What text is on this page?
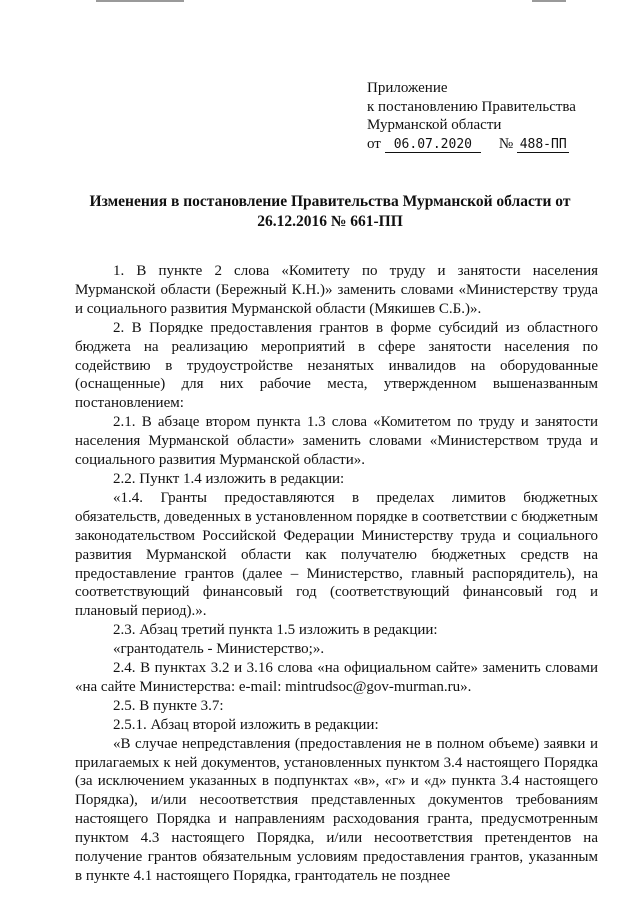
Приложение
к постановлению Правительства
Мурманской области
от 06.07.2020 № 488-ПП
Изменения в постановление Правительства Мурманской области от 26.12.2016 № 661-ПП

1. В пункте 2 слова «Комитету по труду и занятости населения Мурманской области (Бережный К.Н.)» заменить словами «Министерству труда и социального развития Мурманской области (Мякишев С.Б.)».

2. В Порядке предоставления грантов в форме субсидий из областного бюджета на реализацию мероприятий в сфере занятости населения по содействию в трудоустройстве незанятых инвалидов на оборудованные (оснащенные) для них рабочие места, утвержденном вышеназванным постановлением:

2.1. В абзаце втором пункта 1.3 слова «Комитетом по труду и занятости населения Мурманской области» заменить словами «Министерством труда и социального развития Мурманской области».

2.2. Пункт 1.4 изложить в редакции:

«1.4. Гранты предоставляются в пределах лимитов бюджетных обязательств, доведенных в установленном порядке в соответствии с бюджетным законодательством Российской Федерации Министерству труда и социального развития Мурманской области как получателю бюджетных средств на предоставление грантов (далее – Министерство, главный распорядитель), на соответствующий финансовый год (соответствующий финансовый год и плановый период).».

2.3. Абзац третий пункта 1.5 изложить в редакции:

«грантодатель - Министерство;».

2.4. В пунктах 3.2 и 3.16 слова «на официальном сайте» заменить словами «на сайте Министерства: e-mail: mintrudsoc@gov-murman.ru».

2.5. В пункте 3.7:

2.5.1. Абзац второй изложить в редакции:

«В случае непредставления (предоставления не в полном объеме) заявки и прилагаемых к ней документов, установленных пунктом 3.4 настоящего Порядка (за исключением указанных в подпунктах «в», «г» и «д» пункта 3.4 настоящего Порядка), и/или несоответствия представленных документов требованиям настоящего Порядка и направлениям расходования гранта, предусмотренным пунктом 4.3 настоящего Порядка, и/или несоответствия претендентов на получение грантов обязательным условиям предоставления грантов, указанным в пункте 4.1 настоящего Порядка, грантодатель не позднее
